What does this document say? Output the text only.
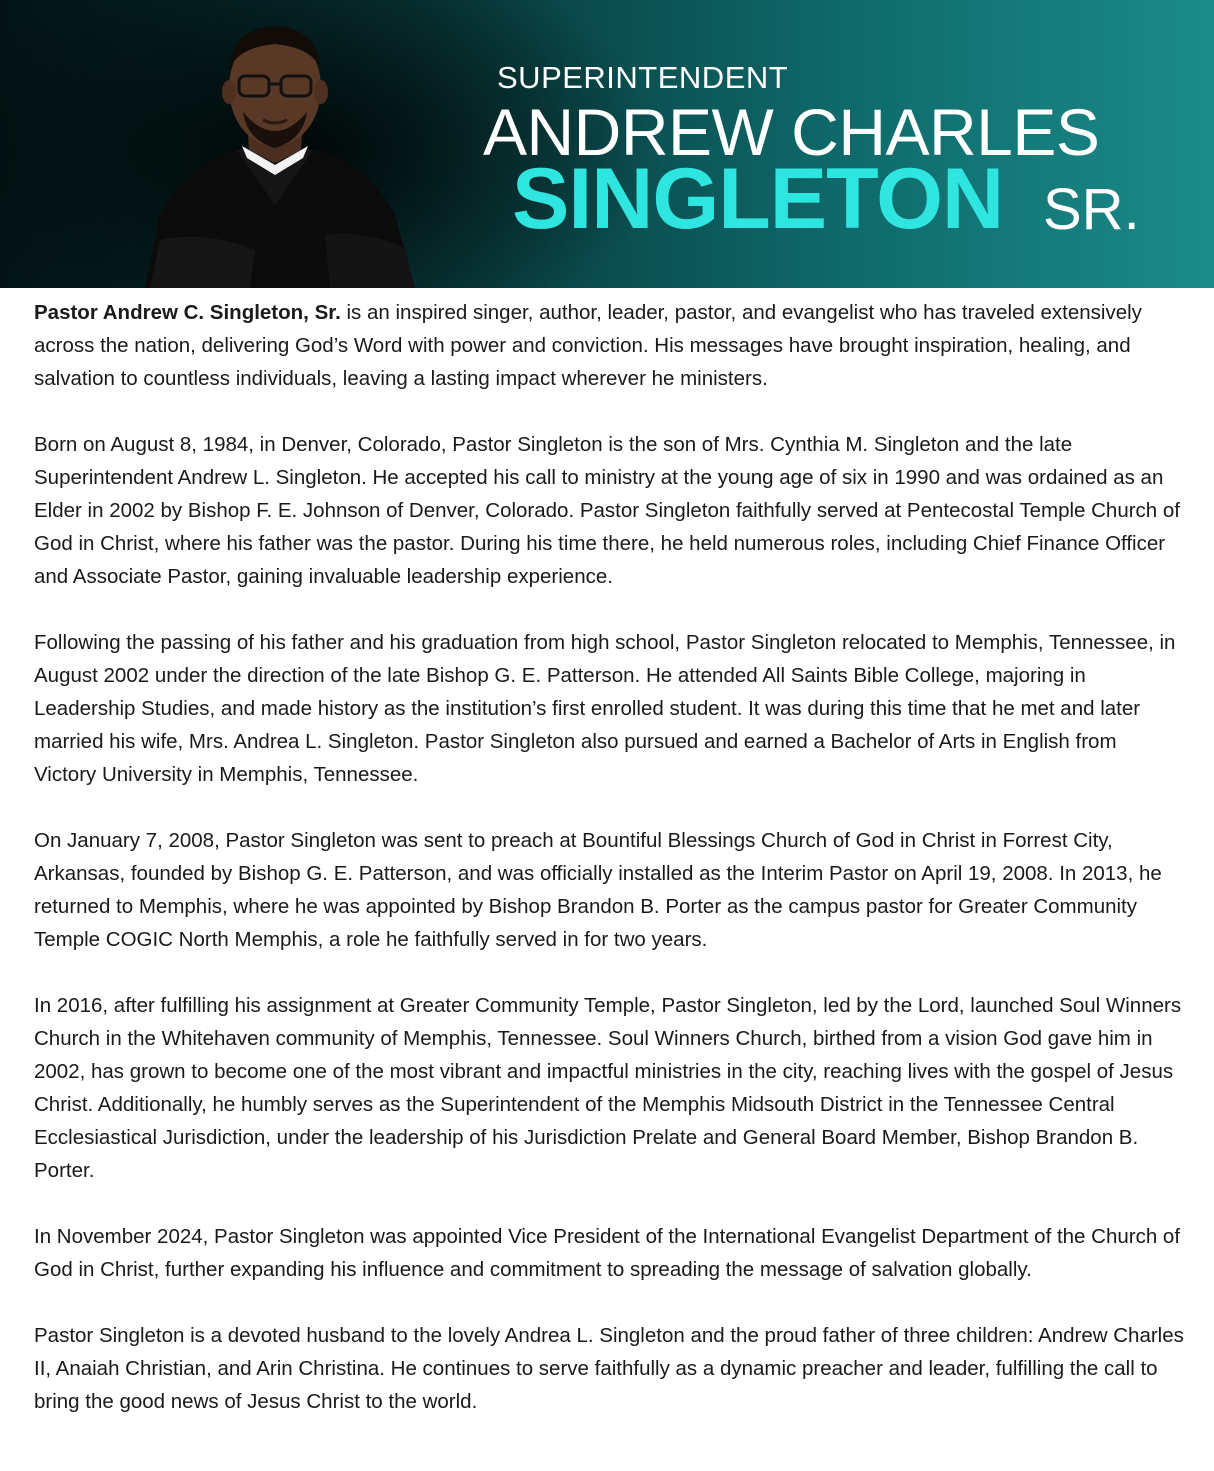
SUPERINTENDENT
ANDREW CHARLES
SINGLETON SR.

Pastor Andrew C. Singleton, Sr. is an inspired singer, author, leader, pastor, and evangelist who has traveled extensively across the nation, delivering God’s Word with power and conviction. His messages have brought inspiration, healing, and salvation to countless individuals, leaving a lasting impact wherever he ministers.

Born on August 8, 1984, in Denver, Colorado, Pastor Singleton is the son of Mrs. Cynthia M. Singleton and the late Superintendent Andrew L. Singleton. He accepted his call to ministry at the young age of six in 1990 and was ordained as an Elder in 2002 by Bishop F. E. Johnson of Denver, Colorado. Pastor Singleton faithfully served at Pentecostal Temple Church of God in Christ, where his father was the pastor. During his time there, he held numerous roles, including Chief Finance Officer and Associate Pastor, gaining invaluable leadership experience.

Following the passing of his father and his graduation from high school, Pastor Singleton relocated to Memphis, Tennessee, in August 2002 under the direction of the late Bishop G. E. Patterson. He attended All Saints Bible College, majoring in Leadership Studies, and made history as the institution’s first enrolled student. It was during this time that he met and later married his wife, Mrs. Andrea L. Singleton. Pastor Singleton also pursued and earned a Bachelor of Arts in English from Victory University in Memphis, Tennessee.

On January 7, 2008, Pastor Singleton was sent to preach at Bountiful Blessings Church of God in Christ in Forrest City, Arkansas, founded by Bishop G. E. Patterson, and was officially installed as the Interim Pastor on April 19, 2008. In 2013, he returned to Memphis, where he was appointed by Bishop Brandon B. Porter as the campus pastor for Greater Community Temple COGIC North Memphis, a role he faithfully served in for two years.

In 2016, after fulfilling his assignment at Greater Community Temple, Pastor Singleton, led by the Lord, launched Soul Winners Church in the Whitehaven community of Memphis, Tennessee. Soul Winners Church, birthed from a vision God gave him in 2002, has grown to become one of the most vibrant and impactful ministries in the city, reaching lives with the gospel of Jesus Christ. Additionally, he humbly serves as the Superintendent of the Memphis Midsouth District in the Tennessee Central Ecclesiastical Jurisdiction, under the leadership of his Jurisdiction Prelate and General Board Member, Bishop Brandon B. Porter.

In November 2024, Pastor Singleton was appointed Vice President of the International Evangelist Department of the Church of God in Christ, further expanding his influence and commitment to spreading the message of salvation globally.

Pastor Singleton is a devoted husband to the lovely Andrea L. Singleton and the proud father of three children: Andrew Charles II, Anaiah Christian, and Arin Christina. He continues to serve faithfully as a dynamic preacher and leader, fulfilling the call to bring the good news of Jesus Christ to the world.
